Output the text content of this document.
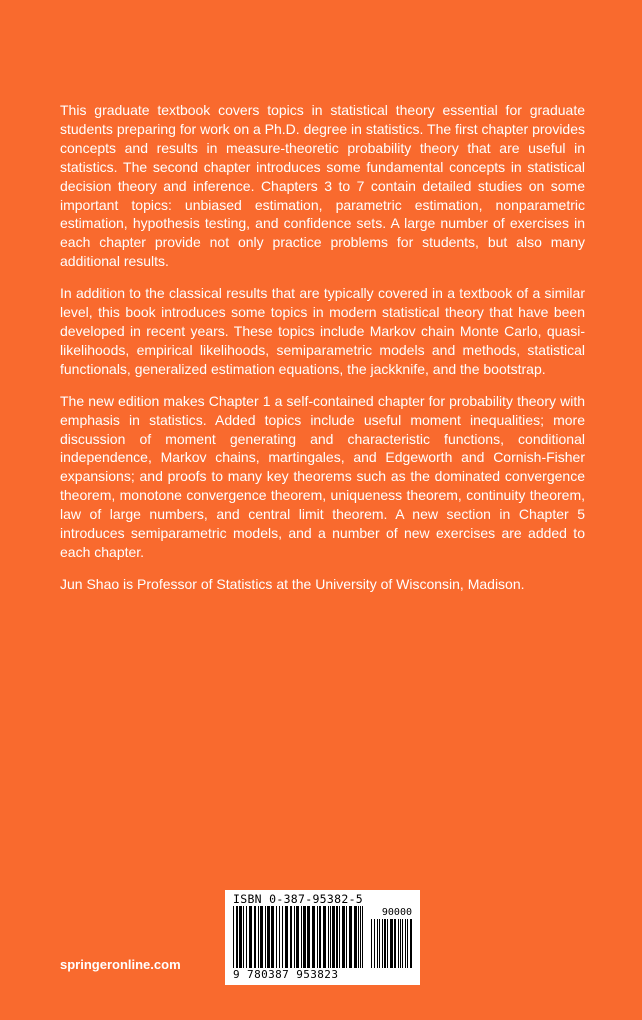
This graduate textbook covers topics in statistical theory essential for graduate students preparing for work on a Ph.D. degree in statistics. The first chapter provides concepts and results in measure-theoretic probability theory that are useful in statistics. The second chapter introduces some fundamental concepts in statistical decision theory and inference. Chapters 3 to 7 contain detailed studies on some important topics: unbiased estimation, parametric estimation, nonparametric estimation, hypothesis testing, and confidence sets. A large number of exercises in each chapter provide not only practice problems for students, but also many additional results.

In addition to the classical results that are typically covered in a textbook of a similar level, this book introduces some topics in modern statistical theory that have been developed in recent years. These topics include Markov chain Monte Carlo, quasi-likelihoods, empirical likelihoods, semiparametric models and methods, statistical functionals, generalized estimation equations, the jackknife, and the bootstrap.

The new edition makes Chapter 1 a self-contained chapter for probability theory with emphasis in statistics. Added topics include useful moment inequalities; more discussion of moment generating and characteristic functions, conditional independence, Markov chains, martingales, and Edgeworth and Cornish-Fisher expansions; and proofs to many key theorems such as the dominated convergence theorem, monotone convergence theorem, uniqueness theorem, continuity theorem, law of large numbers, and central limit theorem. A new section in Chapter 5 introduces semiparametric models, and a number of new exercises are added to each chapter.

Jun Shao is Professor of Statistics at the University of Wisconsin, Madison.

springeronline.com
ISBN 0-387-95382-5
90000
9 780387 953823
